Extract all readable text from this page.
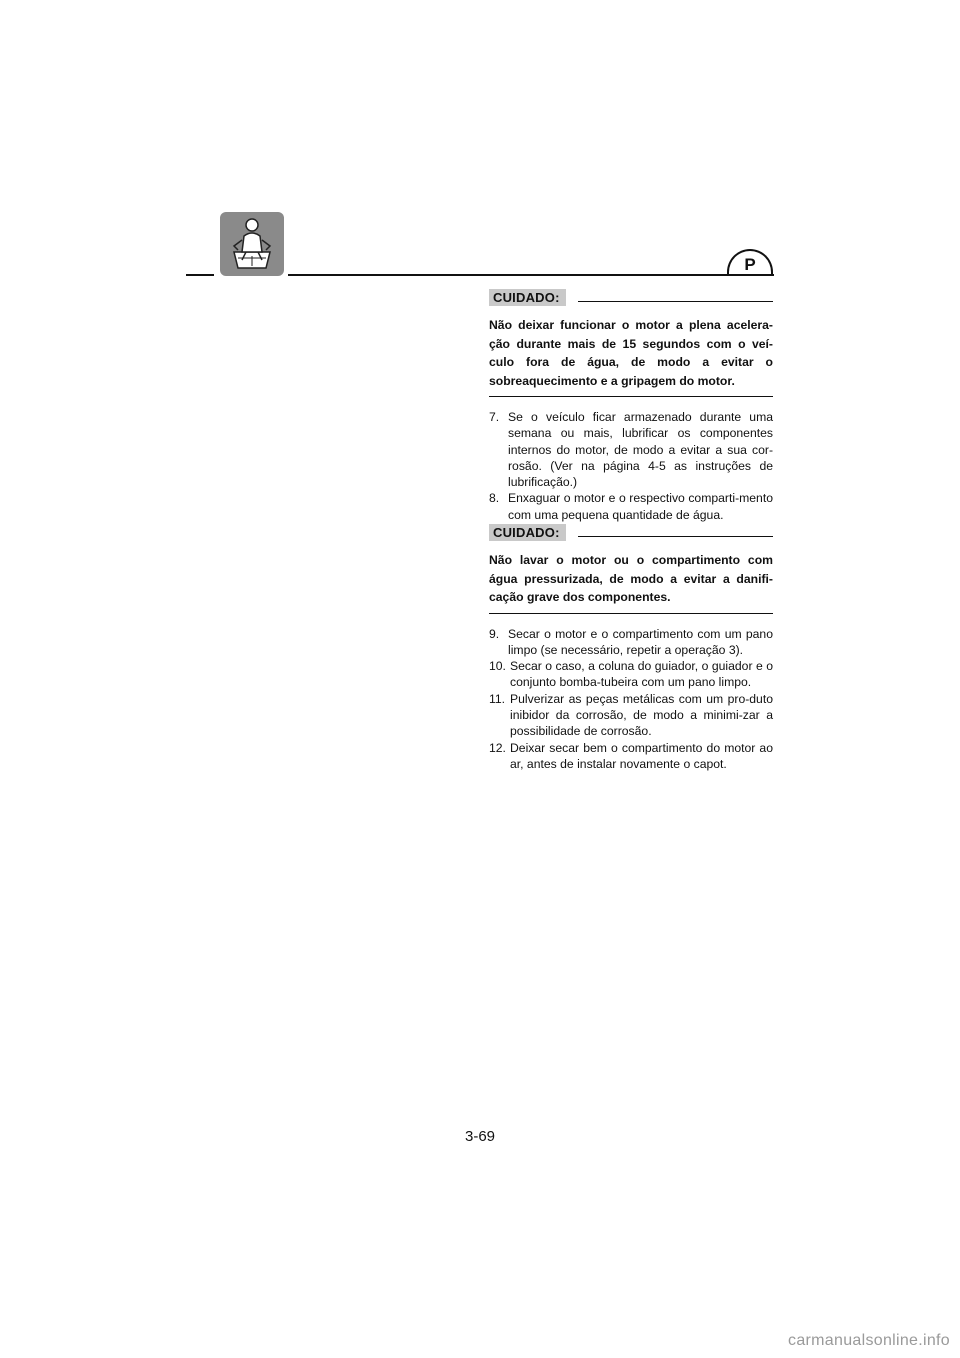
P
CUIDADO:

Não deixar funcionar o motor a plena acelera-ção durante mais de 15 segundos com o veí-culo fora de água, de modo a evitar o sobreaquecimento e a gripagem do motor.

7. Se o veículo ficar armazenado durante uma semana ou mais, lubrificar os componentes internos do motor, de modo a evitar a sua cor-rosão. (Ver na página 4-5 as instruções de lubrificação.)
8. Enxaguar o motor e o respectivo comparti-mento com uma pequena quantidade de água.
CUIDADO:

Não lavar o motor ou o compartimento com água pressurizada, de modo a evitar a danifi-cação grave dos componentes.

9. Secar o motor e o compartimento com um pano limpo (se necessário, repetir a operação 3).
10. Secar o caso, a coluna do guiador, o guiador e o conjunto bomba-tubeira com um pano limpo.
11. Pulverizar as peças metálicas com um pro-duto inibidor da corrosão, de modo a minimi-zar a possibilidade de corrosão.
12. Deixar secar bem o compartimento do motor ao ar, antes de instalar novamente o capot.
3-69
carmanualsonline.info
